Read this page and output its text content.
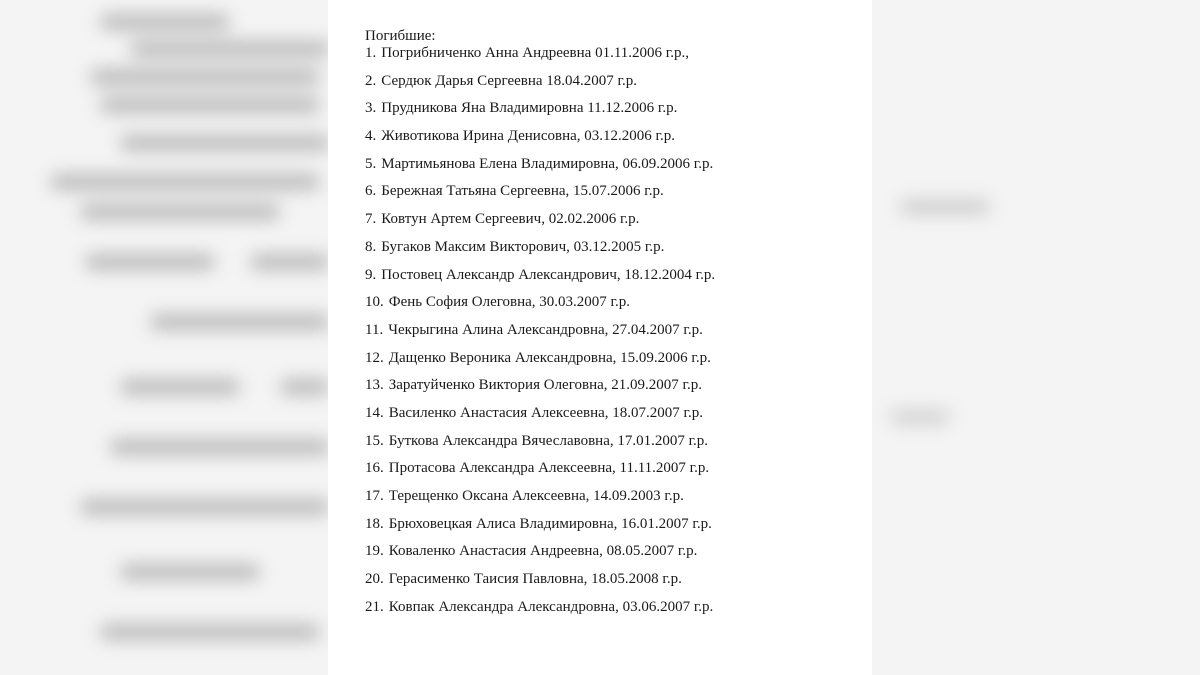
Погибшие:

1. Погрибниченко Анна Андреевна 01.11.2006 г.р.,
2. Сердюк Дарья Сергеевна 18.04.2007 г.р.
3. Прудникова Яна Владимировна 11.12.2006 г.р.
4. Животикова Ирина Денисовна, 03.12.2006 г.р.
5. Мартимьянова Елена Владимировна, 06.09.2006 г.р.
6. Бережная Татьяна Сергеевна, 15.07.2006 г.р.
7. Ковтун Артем Сергеевич, 02.02.2006 г.р.
8. Бугаков Максим Викторович, 03.12.2005 г.р.
9. Постовец Александр Александрович, 18.12.2004 г.р.
10. Фень София Олеговна, 30.03.2007 г.р.
11. Чекрыгина Алина Александровна, 27.04.2007 г.р.
12. Дащенко Вероника Александровна, 15.09.2006 г.р.
13. Заратуйченко Виктория Олеговна, 21.09.2007 г.р.
14. Василенко Анастасия Алексеевна, 18.07.2007 г.р.
15. Буткова Александра Вячеславовна, 17.01.2007 г.р.
16. Протасова Александра Алексеевна, 11.11.2007 г.р.
17. Терещенко Оксана Алексеевна, 14.09.2003 г.р.
18. Брюховецкая Алиса Владимировна, 16.01.2007 г.р.
19. Коваленко Анастасия Андреевна, 08.05.2007 г.р.
20. Герасименко Таисия Павловна, 18.05.2008 г.р.
21. Ковпак Александра Александровна, 03.06.2007 г.р.
